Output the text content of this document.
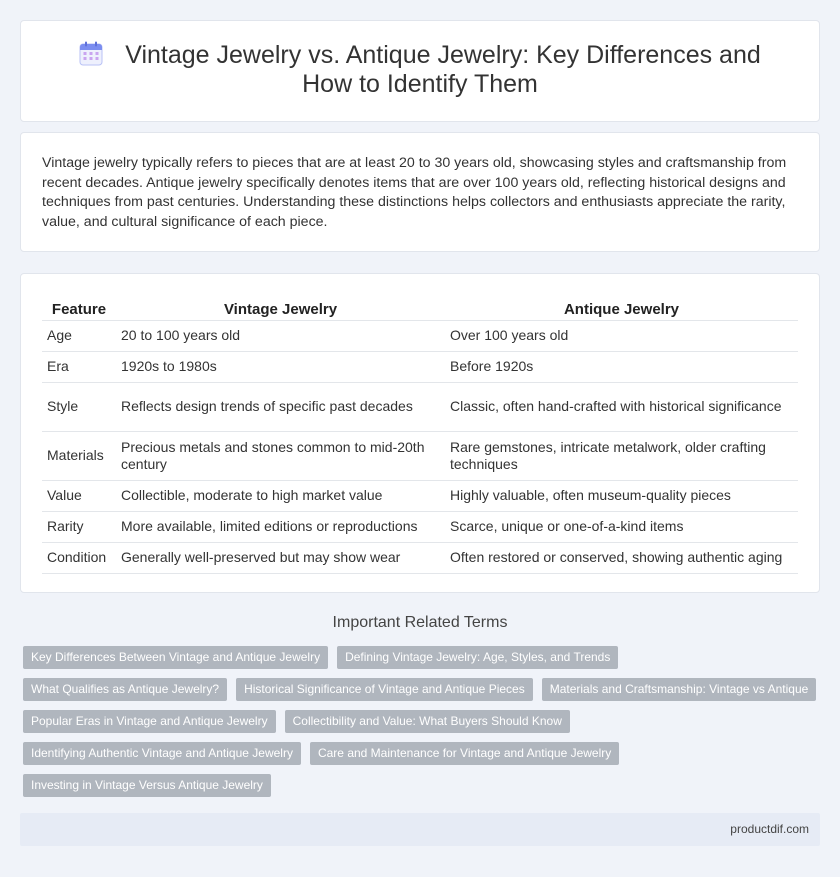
Vintage Jewelry vs. Antique Jewelry: Key Differences and How to Identify Them

Vintage jewelry typically refers to pieces that are at least 20 to 30 years old, showcasing styles and craftsmanship from recent decades. Antique jewelry specifically denotes items that are over 100 years old, reflecting historical designs and techniques from past centuries. Understanding these distinctions helps collectors and enthusiasts appreciate the rarity, value, and cultural significance of each piece.

Feature	Vintage Jewelry	Antique Jewelry
Age	20 to 100 years old	Over 100 years old
Era	1920s to 1980s	Before 1920s
Style	Reflects design trends of specific past decades	Classic, often hand-crafted with historical significance
Materials	Precious metals and stones common to mid-20th century	Rare gemstones, intricate metalwork, older crafting techniques
Value	Collectible, moderate to high market value	Highly valuable, often museum-quality pieces
Rarity	More available, limited editions or reproductions	Scarce, unique or one-of-a-kind items
Condition	Generally well-preserved but may show wear	Often restored or conserved, showing authentic aging
Important Related Terms
Key Differences Between Vintage and Antique Jewelry	Defining Vintage Jewelry: Age, Styles, and Trends
What Qualifies as Antique Jewelry?	Historical Significance of Vintage and Antique Pieces	Materials and Craftsmanship: Vintage vs Antique
Popular Eras in Vintage and Antique Jewelry	Collectibility and Value: What Buyers Should Know
Identifying Authentic Vintage and Antique Jewelry	Care and Maintenance for Vintage and Antique Jewelry
Investing in Vintage Versus Antique Jewelry
productdif.com
